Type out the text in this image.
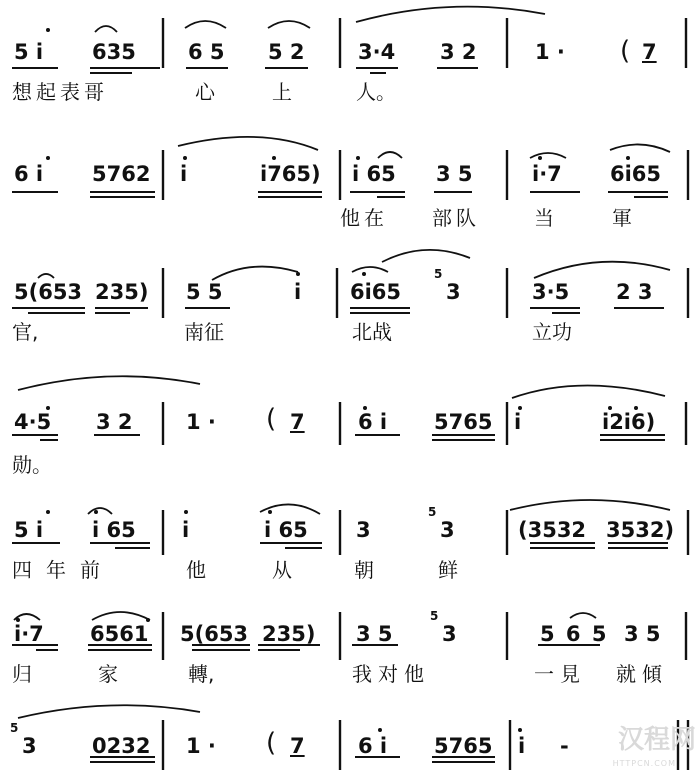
5 i 635 6 5 5 2	3·4 3 2	1 · ( 7
想起表哥	心	上	人。
6 i 5762 i	i765) i 65 3 5	i·7 6i65
他在 部队	当	軍
5(653 235) 5 5	i 6i65
5
3	3·5 2 3
官,	南征	北战	立功
4·5 3 2	1 · ( 7	6 i 5765 i	i2i6)
勋。
5 i i 65 i	i 65 3
5
3	(3532 3532)
四年前	他	从	朝	鲜
i·7 6561 5(653 235) 3 5
5
3	5 6 5 3 5
归	家	轉,	我对他	一見 就傾
5
3	0232 1 · ( 7	6 i 5765 i - 汉程网
HTTPCN.COM
